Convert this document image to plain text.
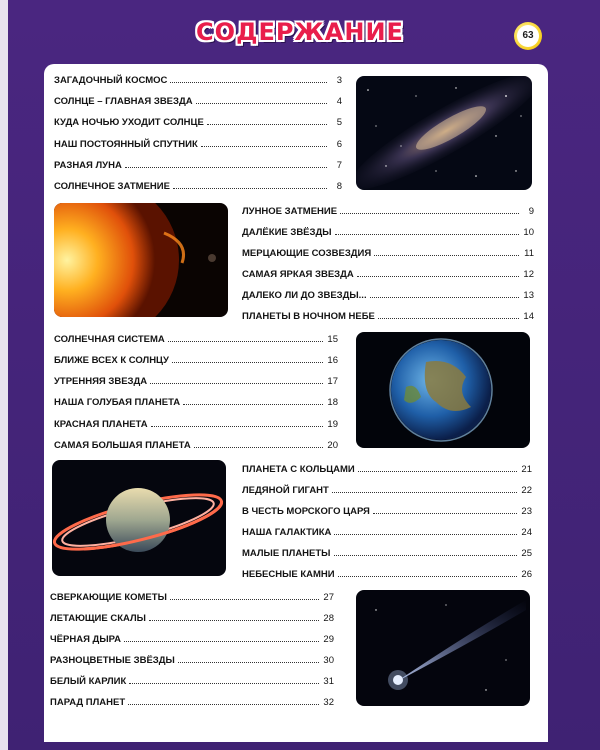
СОДЕРЖАНИЕ	63
ЗАГАДОЧНЫЙ КОСМОС	3
СОЛНЦЕ – ГЛАВНАЯ ЗВЕЗДА	4
КУДА НОЧЬЮ УХОДИТ СОЛНЦЕ	5
НАШ ПОСТОЯННЫЙ СПУТНИК	6
РАЗНАЯ ЛУНА	7
СОЛНЕЧНОЕ ЗАТМЕНИЕ	8
ЛУННОЕ ЗАТМЕНИЕ	9
ДАЛЁКИЕ ЗВЁЗДЫ	10
МЕРЦАЮЩИЕ СОЗВЕЗДИЯ	11
САМАЯ ЯРКАЯ ЗВЕЗДА	12
ДАЛЕКО ЛИ ДО ЗВЕЗДЫ...	13
ПЛАНЕТЫ В НОЧНОМ НЕБЕ	14
СОЛНЕЧНАЯ СИСТЕМА	15
БЛИЖЕ ВСЕХ К СОЛНЦУ	16
УТРЕННЯЯ ЗВЕЗДА	17
НАША ГОЛУБАЯ ПЛАНЕТА	18
КРАСНАЯ ПЛАНЕТА	19
САМАЯ БОЛЬШАЯ ПЛАНЕТА	20
ПЛАНЕТА С КОЛЬЦАМИ	21
ЛЕДЯНОЙ ГИГАНТ	22
В ЧЕСТЬ МОРСКОГО ЦАРЯ	23
НАША ГАЛАКТИКА	24
МАЛЫЕ ПЛАНЕТЫ	25
НЕБЕСНЫЕ КАМНИ	26
СВЕРКАЮЩИЕ КОМЕТЫ	27
ЛЕТАЮЩИЕ СКАЛЫ	28
ЧЁРНАЯ ДЫРА	29
РАЗНОЦВЕТНЫЕ ЗВЁЗДЫ	30
БЕЛЫЙ КАРЛИК	31
ПАРАД ПЛАНЕТ	32
